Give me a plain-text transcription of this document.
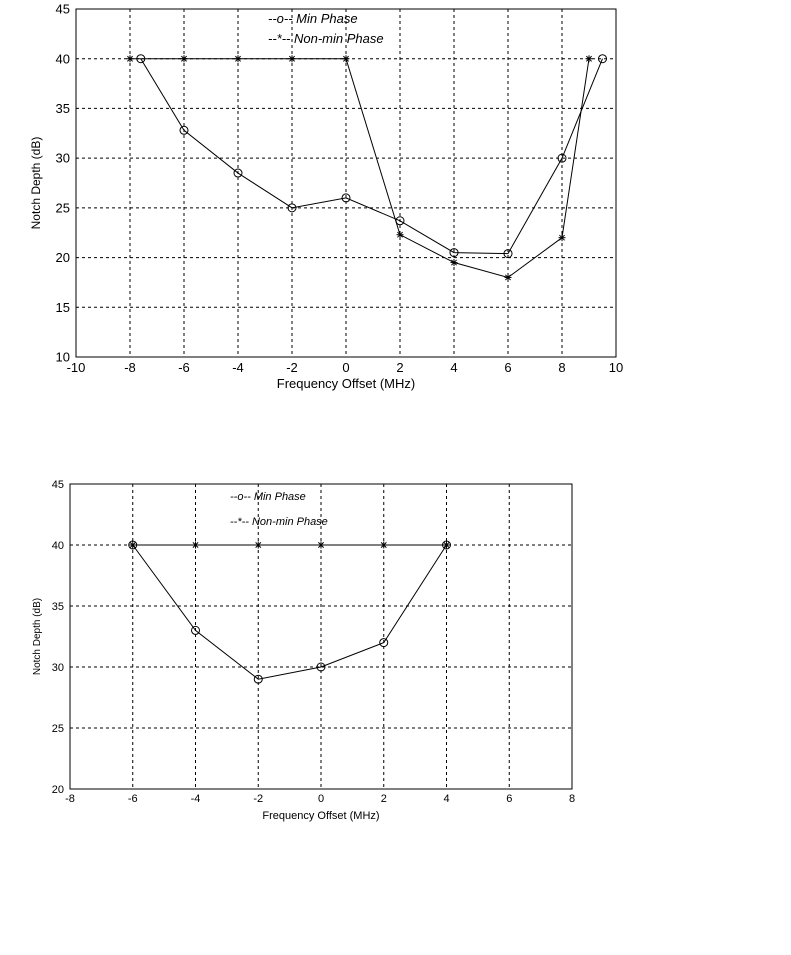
-10	-8	-6	-4	-2	0	2	4	6	8	10
10
15
20
25
30
35
40
45
Frequency Offset (MHz)
Notch Depth (dB)
--o-- Min Phase
--*-- Non-min Phase
-8	-6	-4	-2	0	2	4	6	8
20
25
30
35
40
45
Frequency Offset (MHz)
Notch Depth (dB)
--o-- Min Phase
--*-- Non-min Phase
